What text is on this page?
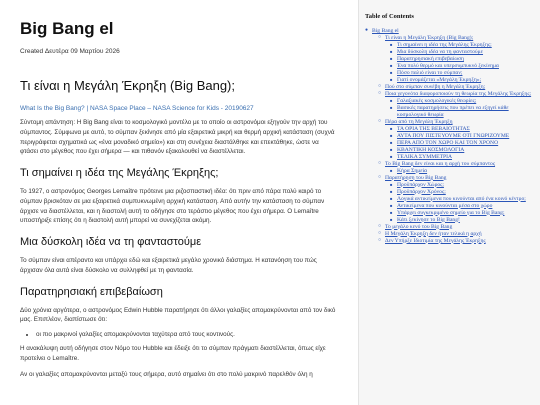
Big Bang el
Created Δευτέρα 09 Μαρτίου 2026
Τι είναι η Μεγάλη Έκρηξη (Big Bang);
What Is the Big Bang? | NASA Space Place – NASA Science for Kids - 20190627

Σύντομη απάντηση: Η Big Bang είναι το κοσμολογικό μοντέλο με το οποίο οι αστρονόμοι εξηγούν την αρχή του σύμπαντος. Σύμφωνα με αυτό, το σύμπαν ξεκίνησε από μία εξαιρετικά μικρή και θερμή αρχική κατάσταση (συχνά περιγράφεται σχηματικά ως «ένα μοναδικό σημείο») και στη συνέχεια διαστάλθηκε και επεκτάθηκε, ώστε να φτάσει στο μέγεθος που έχει σήμερα — και πιθανόν εξακολουθεί να διαστέλλεται.

Τι σημαίνει η ιδέα της Μεγάλης Έκρηξης;

Το 1927, ο αστρονόμος Georges Lemaître πρότεινε μια ριζοσπαστική ιδέα: ότι πριν από πάρα πολύ καιρό το σύμπαν βρισκόταν σε μια εξαιρετικά συμπυκνωμένη αρχική κατάσταση. Από αυτήν την κατάσταση το σύμπαν άρχισε να διαστέλλεται, και η διαστολή αυτή το οδήγησε στο τεράστιο μέγεθος που έχει σήμερα. Ο Lemaître υποστήριξε επίσης ότι η διαστολή αυτή μπορεί να συνεχίζεται ακόμη.

Μια δύσκολη ιδέα να τη φανταστούμε

Το σύμπαν είναι απέραντο και υπάρχει εδώ και εξαιρετικά μεγάλο χρονικό διάστημα. Η κατανόηση του πώς άρχισαν όλα αυτά είναι δύσκολο να συλληφθεί με τη φαντασία.

Παρατηρησιακή επιβεβαίωση

Δύο χρόνια αργότερα, ο αστρονόμος Edwin Hubble παρατήρησε ότι άλλοι γαλαξίες απομακρύνονται από τον δικό μας. Επιπλέον, διαπίστωσε ότι:

• οι πιο μακρινοί γαλαξίες απομακρύνονται ταχύτερα από τους κοντινούς.

Η ανακάλυψη αυτή οδήγησε στον Νόμο του Hubble και έδειξε ότι το σύμπαν πράγματι διαστέλλεται, όπως είχε προτείνει ο Lemaître.

Αν οι γαλαξίες απομακρύνονται μεταξύ τους σήμερα, αυτό σημαίνει ότι στο πολύ μακρινό παρελθόν όλη η

Table of Contents
● Big Bang el
○ Τι είναι η Μεγάλη Έκρηξη (Big Bang);
■ Τι σημαίνει η ιδέα της Μεγάλης Έκρηξης;
■ Μια δύσκολη ιδέα να τη φανταστούμε
■ Παρατηρησιακή επιβεβαίωση
■ Ένα πολύ θερμό και υπερσυμπυκνό ξεκίνημα
■ Πόσο παλιό είναι το σύμπαν;
■ Γιατί ονομάζεται «Μεγάλη Έκρηξη»;
○ Πού στο σύμπαν συνέβη η Μεγάλη Έκρηξη;
○ Ποια γεγονότα διαφοροποιούν τη θεωρία της Μεγάλης Έκρηξης;
■ Γαλαξιακές κοσμολογικές θεωρίες;
■ Βασικές παρατηρήσεις που πρέπει να εξηγεί κάθε κοσμολογικό θεωρία
○ Πέρα από τη Μεγάλη Έκρηξη
■ ΤΑ ΟΡΙΑ ΤΗΣ ΒΕΒΑΙΟΤΗΤΑΣ
■ ΑΥΤΑ ΠΟΥ ΠΙΣΤΕΥΟΥΜΕ ΟΤΙ ΓΝΩΡΙΖΟΥΜΕ
■ ΠΕΡΑ ΑΠΟ ΤΟΝ ΧΩΡΟ ΚΑΙ ΤΟΝ ΧΡΟΝΟ
■ ΚΒΑΝΤΙΚΗ ΚΟΣΜΟΛΟΓΙΑ
■ ΤΕΛΙΚΑ ΣΥΜΜΕΤΡΙΑ
○ Το Big Bang δεν είναι και η αρχή του σύμπαντος
■ Κήρα Σημεία
○ Παρατήρηση του Big Bang
■ Προϋπάρχον Χώρος;
■ Προϋπάρχον Χρόνος;
■ Λογικά αντικείμενα που κινούνται από ένα κοινό κέντρο;
■ Αντικείμενα που κινούνται μέσα στο χώρο
■ Υπάρχει συγκεκριμένο σημείο για το Big Bang;
■ Κάτι ξεκίνησε το Big Bang!
○ Το μεγάλο κενό του Big Bang
○ Η Μεγάλη Έκρηξη δεν ήταν τελικά η αρχή
○ Δεν Υπήρξε Ιδιοτιμία της Μεγάλης Έκρηξης
